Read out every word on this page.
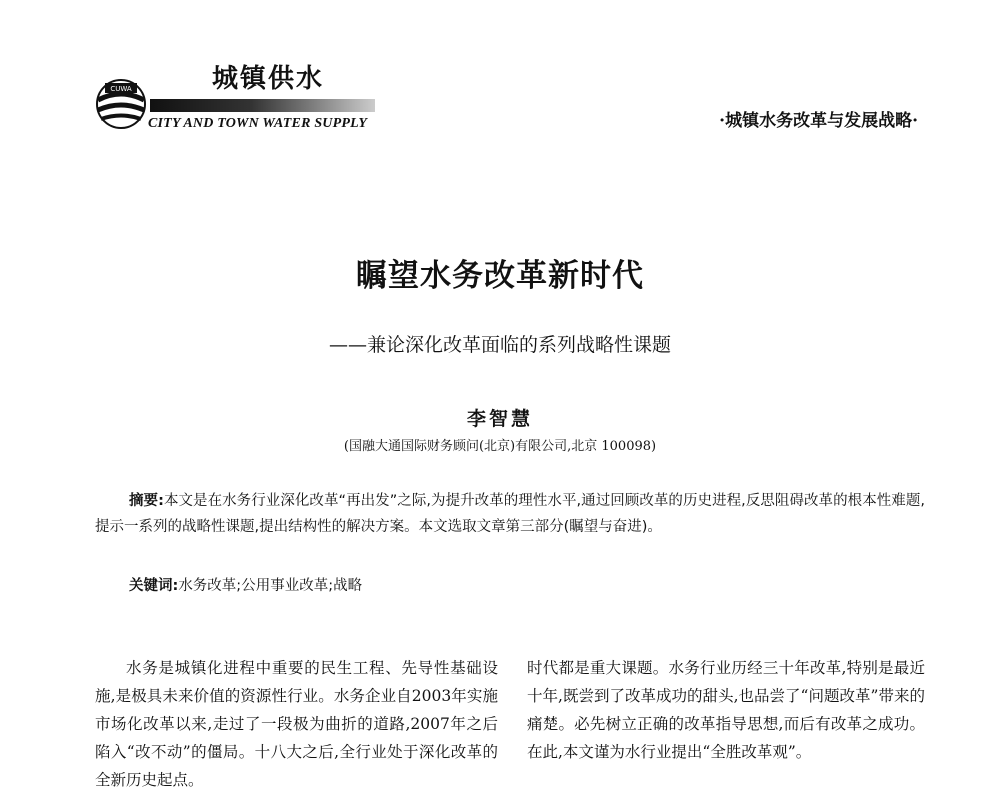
CUWA	城镇供水
CITY AND TOWN WATER SUPPLY	·城镇水务改革与发展战略·
瞩望水务改革新时代
——兼论深化改革面临的系列战略性课题
李智慧
(国融大通国际财务顾问(北京)有限公司,北京 100098)
摘要:本文是在水务行业深化改革“再出发”之际,为提升改革的理性水平,通过回顾改革的历史进程,反思阻碍改革的根本性难题,提示一系列的战略性课题,提出结构性的解决方案。本文选取文章第三部分(瞩望与奋进)。
关键词:水务改革;公用事业改革;战略
水务是城镇化进程中重要的民生工程、先导性基础设施,是极具未来价值的资源性行业。水务企业自2003年实施市场化改革以来,走过了一段极为曲折的道路,2007年之后陷入“改不动”的僵局。十八大之后,全行业处于深化改革的全新历史起点。
时代都是重大课题。水务行业历经三十年改革,特别是最近十年,既尝到了改革成功的甜头,也品尝了“问题改革”带来的痛楚。必先树立正确的改革指导思想,而后有改革之成功。在此,本文谨为水行业提出“全胜改革观”。
